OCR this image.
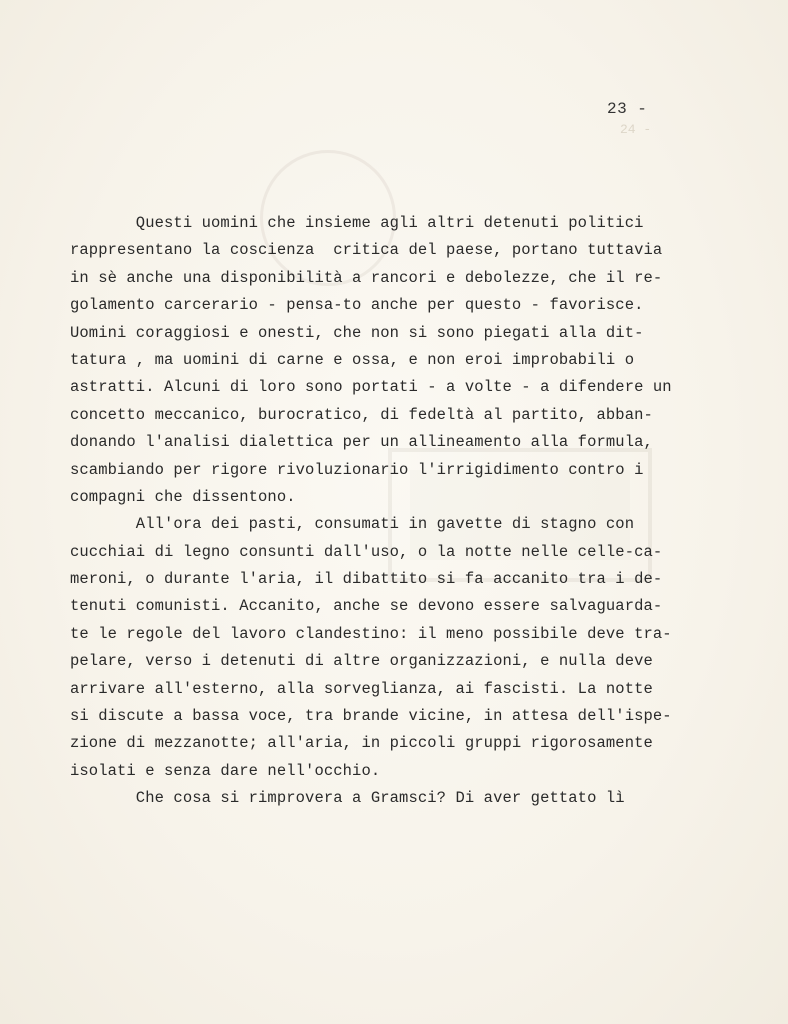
23 -
24 -
Questi uomini che insieme agli altri detenuti politici
rappresentano la coscienza  critica del paese, portano tuttavia
in sè anche una disponibilità a rancori e debolezze, che il re-
golamento carcerario - pensa-to anche per questo - favorisce.
Uomini coraggiosi e onesti, che non si sono piegati alla dit-
tatura , ma uomini di carne e ossa, e non eroi improbabili o
astratti. Alcuni di loro sono portati - a volte - a difendere un
concetto meccanico, burocratico, di fedeltà al partito, abban-
donando l'analisi dialettica per un allineamento alla formula,
scambiando per rigore rivoluzionario l'irrigidimento contro i
compagni che dissentono.
All'ora dei pasti, consumati in gavette di stagno con
cucchiai di legno consunti dall'uso, o la notte nelle celle-ca-
meroni, o durante l'aria, il dibattito si fa accanito tra i de-
tenuti comunisti. Accanito, anche se devono essere salvaguarda-
te le regole del lavoro clandestino: il meno possibile deve tra-
pelare, verso i detenuti di altre organizzazioni, e nulla deve
arrivare all'esterno, alla sorveglianza, ai fascisti. La notte
si discute a bassa voce, tra brande vicine, in attesa dell'ispe-
zione di mezzanotte; all'aria, in piccoli gruppi rigorosamente
isolati e senza dare nell'occhio.
Che cosa si rimprovera a Gramsci? Di aver gettato lì
